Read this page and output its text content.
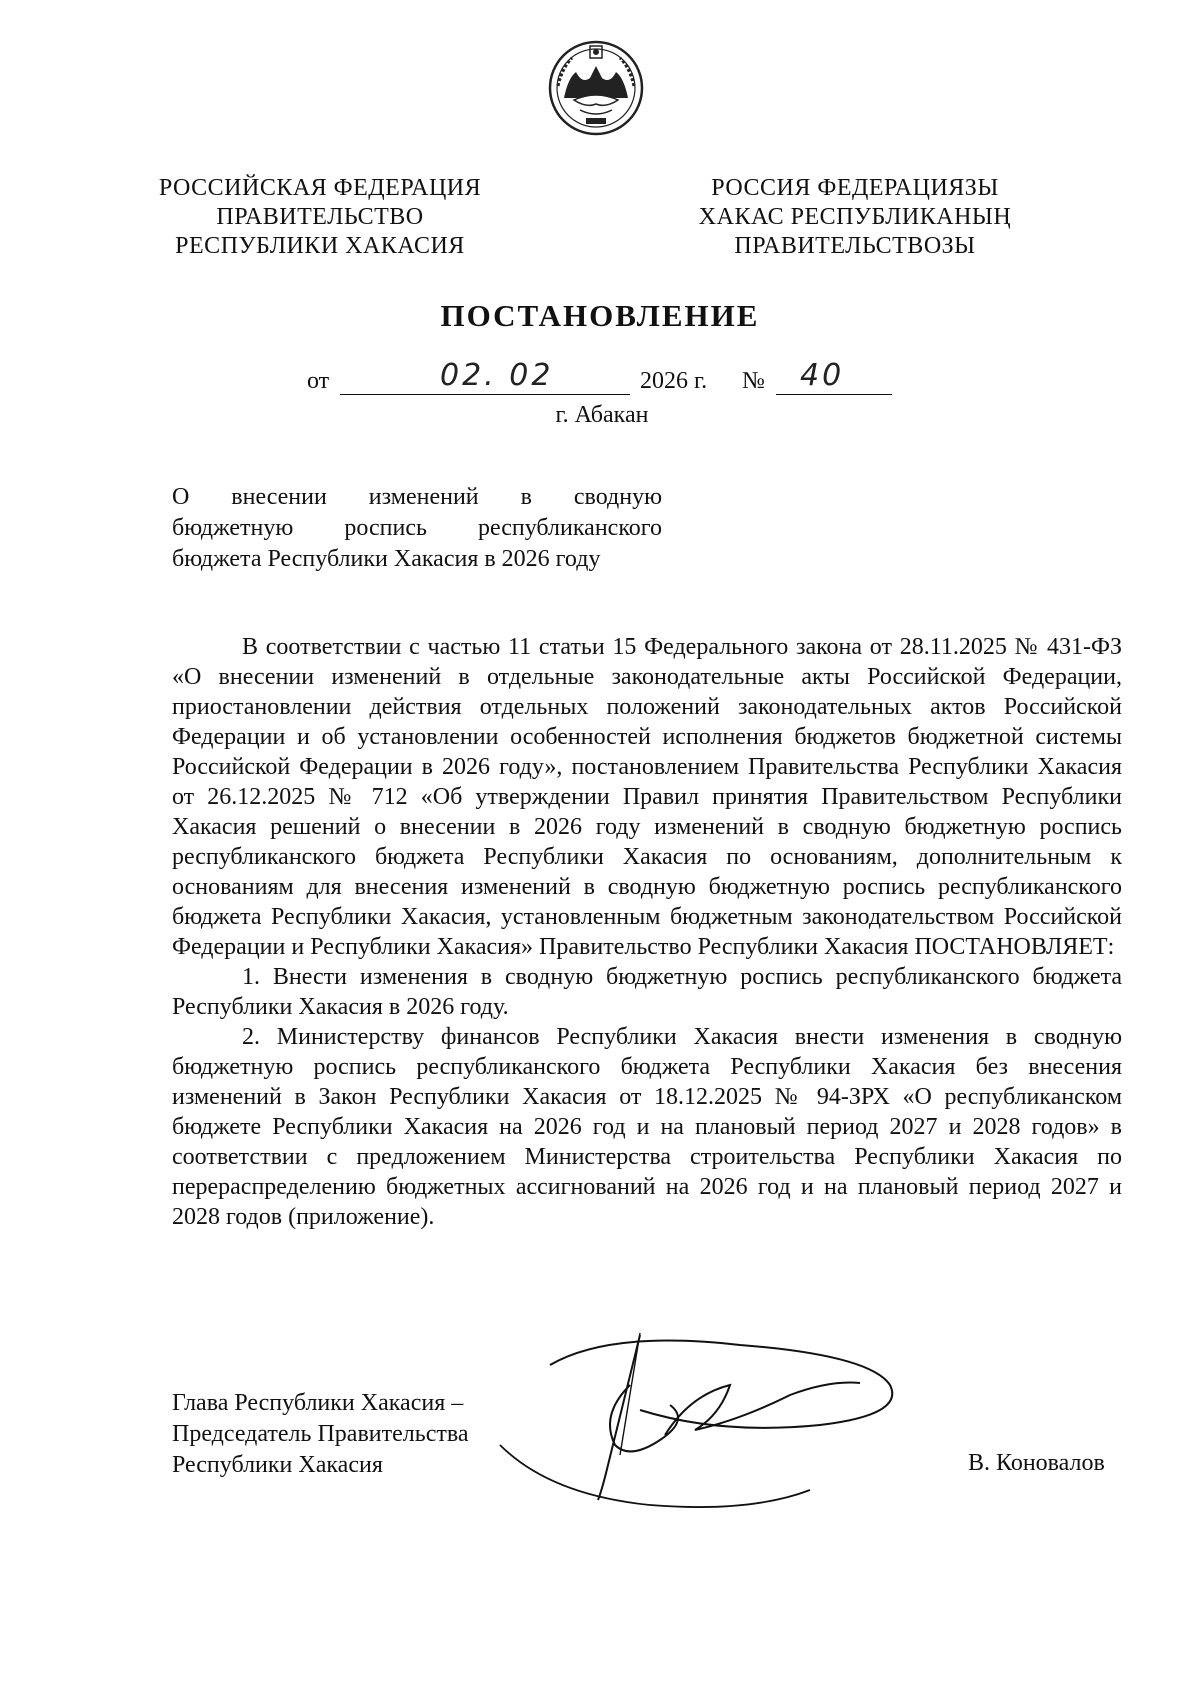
РОССИЙСКАЯ ФЕДЕРАЦИЯ
ПРАВИТЕЛЬСТВО
РЕСПУБЛИКИ ХАКАСИЯ
РОССИЯ ФЕДЕРАЦИЯЗЫ
ХАКАС РЕСПУБЛИКАНЫҢ
ПРАВИТЕЛЬСТВОЗЫ
ПОСТАНОВЛЕНИЕ
от	02. 02	2026 г. № 40
г. Абакан
О внесении изменений в сводную
бюджетную роспись республиканского
бюджета Республики Хакасия в 2026 году

В соответствии с частью 11 статьи 15 Федерального закона от 28.11.2025 № 431-ФЗ «О внесении изменений в отдельные законодательные акты Российской Федерации, приостановлении действия отдельных положений законодательных актов Российской Федерации и об установлении особенностей исполнения бюджетов бюджетной системы Российской Федерации в 2026 году», постановлением Правительства Республики Хакасия от 26.12.2025 № 712 «Об утверждении Правил принятия Правительством Республики Хакасия решений о внесении в 2026 году изменений в сводную бюджетную роспись республиканского бюджета Республики Хакасия по основаниям, дополнительным к основаниям для внесения изменений в сводную бюджетную роспись республиканского бюджета Республики Хакасия, установленным бюджетным законодательством Российской Федерации и Республики Хакасия» Правительство Республики Хакасия ПОСТАНОВЛЯЕТ:

1. Внести изменения в сводную бюджетную роспись республиканского бюджета Республики Хакасия в 2026 году.

2. Министерству финансов Республики Хакасия внести изменения в сводную бюджетную роспись республиканского бюджета Республики Хакасия без внесения изменений в Закон Республики Хакасия от 18.12.2025 № 94-ЗРХ «О республиканском бюджете Республики Хакасия на 2026 год и на плановый период 2027 и 2028 годов» в соответствии с предложением Министерства строительства Республики Хакасия по перераспределению бюджетных ассигнований на 2026 год и на плановый период 2027 и 2028 годов (приложение).

Глава Республики Хакасия –
Председатель Правительства
Республики Хакасия	В. Коновалов
